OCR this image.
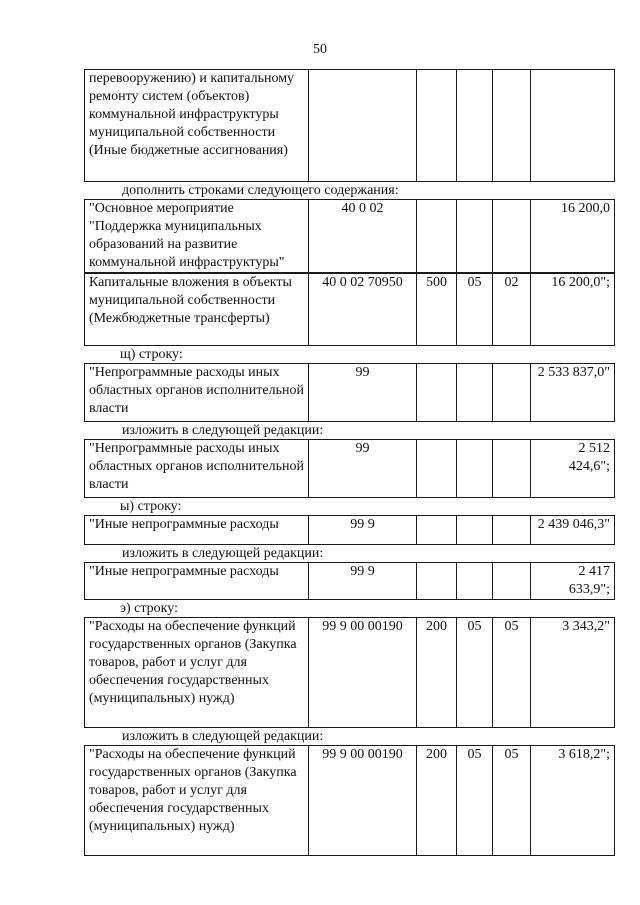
50
перевооружению) и капитальному ремонту систем (объектов) коммунальной инфраструктуры муниципальной собственности (Иные бюджетные ассигнования)					
дополнить строками следующего содержания:
"Основное мероприятие "Поддержка муниципальных образований на развитие коммунальной инфраструктуры"	40 0 02				16 200,0
Капитальные вложения в объекты муниципальной собственности (Межбюджетные трансферты)	40 0 02 70950	500	05	02	16 200,0";
щ) строку:
"Непрограммные расходы иных областных органов исполнительной власти	99				2 533 837,0"
изложить в следующей редакции:
"Непрограммные расходы иных областных органов исполнительной власти	99				2 512 424,6";
ы) строку:
"Иные непрограммные расходы	99 9				2 439 046,3"
изложить в следующей редакции:
"Иные непрограммные расходы	99 9				2 417 633,9";
э) строку:
"Расходы на обеспечение функций государственных органов (Закупка товаров, работ и услуг для обеспечения государственных (муниципальных) нужд)	99 9 00 00190	200	05	05	3 343,2"
изложить в следующей редакции:
"Расходы на обеспечение функций государственных органов (Закупка товаров, работ и услуг для обеспечения государственных (муниципальных) нужд)	99 9 00 00190	200	05	05	3 618,2";
